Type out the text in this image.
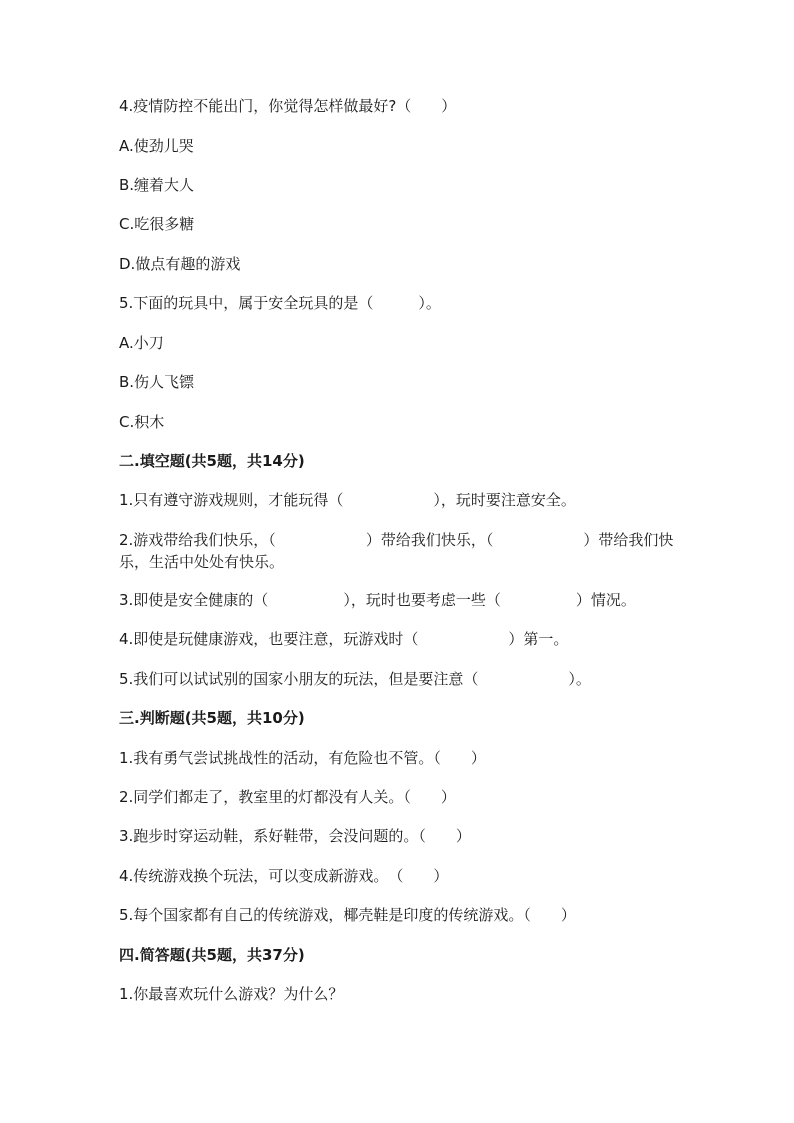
4.疫情防控不能出门，你觉得怎样做最好?（　　）
A.使劲儿哭
B.缠着大人
C.吃很多糖
D.做点有趣的游戏
5.下面的玩具中，属于安全玩具的是（　　　）。
A.小刀
B.伤人飞镖
C.积木
二.填空题(共5题，共14分)
1.只有遵守游戏规则，才能玩得（　　　　　　），玩时要注意安全。
2.游戏带给我们快乐，（　　　　　　）带给我们快乐，（　　　　　　）带给我们快乐，生活中处处有快乐。
3.即使是安全健康的（　　　　　），玩时也要考虑一些（　　　　　）情况。
4.即使是玩健康游戏，也要注意，玩游戏时（　　　　　　）第一。
5.我们可以试试别的国家小朋友的玩法，但是要注意（　　　　　　）。
三.判断题(共5题，共10分)
1.我有勇气尝试挑战性的活动，有危险也不管。（　　）
2.同学们都走了，教室里的灯都没有人关。（　　）
3.跑步时穿运动鞋，系好鞋带，会没问题的。（　　）
4.传统游戏换个玩法，可以变成新游戏。　（　　）
5.每个国家都有自己的传统游戏，椰壳鞋是印度的传统游戏。（　　）
四.简答题(共5题，共37分)
1.你最喜欢玩什么游戏？为什么？
